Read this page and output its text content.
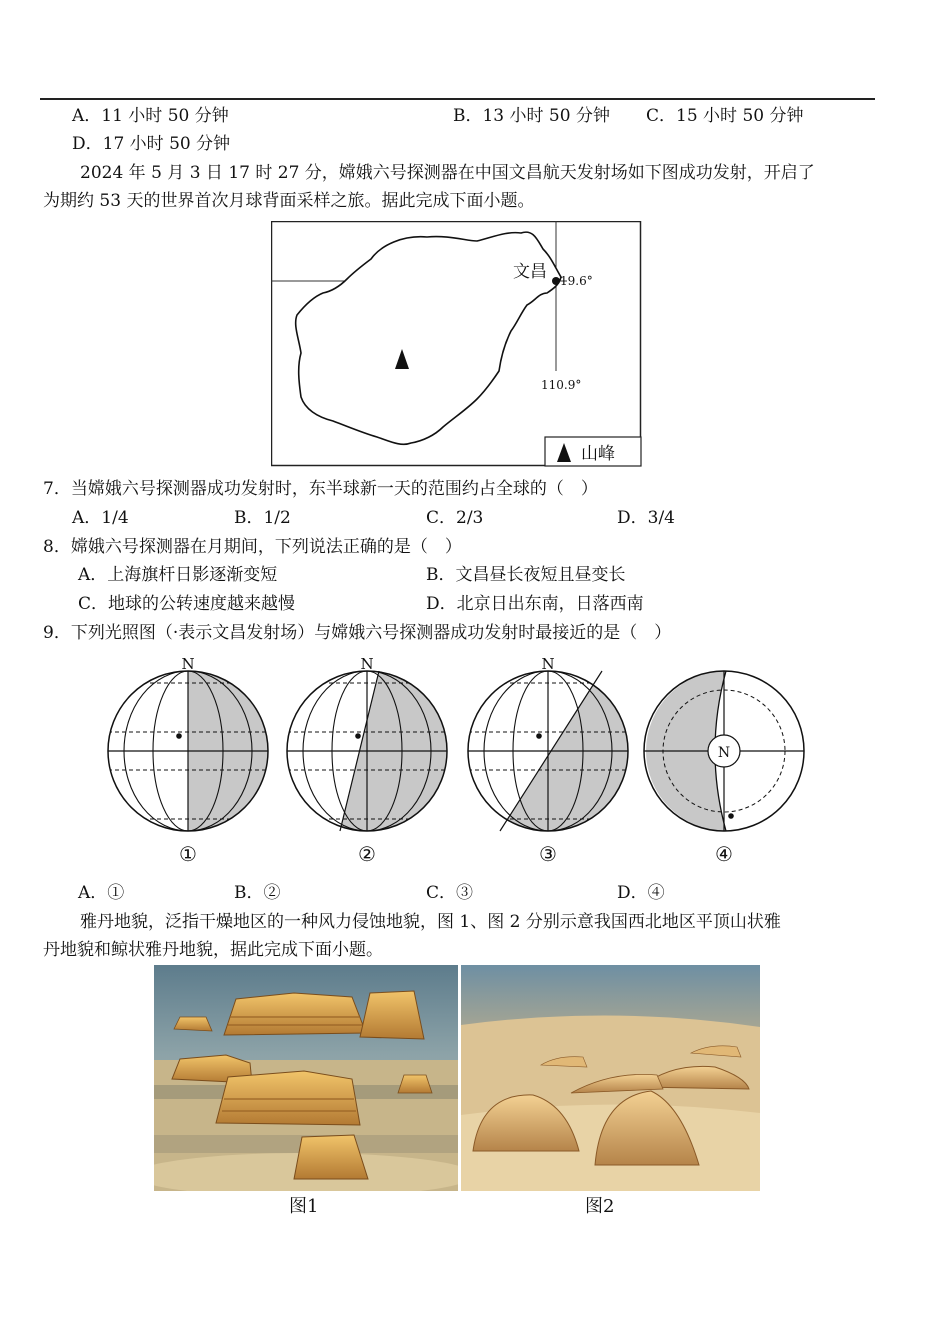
A．11 小时 50 分钟	B．13 小时 50 分钟 C．15 小时 50 分钟
D．17 小时 50 分钟
2024 年 5 月 3 日 17 时 27 分，嫦娥六号探测器在中国文昌航天发射场如下图成功发射，开启了
为期约 53 天的世界首次月球背面采样之旅。据此完成下面小题。
文昌 19.6°
110.9°
山峰
7．当嫦娥六号探测器成功发射时，东半球新一天的范围约占全球的（　）
A．1/4	B．1/2	C．2/3	D．3/4
8．嫦娥六号探测器在月期间，下列说法正确的是（　）
A．上海旗杆日影逐渐变短	B．文昌昼长夜短且昼变长
C．地球的公转速度越来越慢	D．北京日出东南，日落西南
9．下列光照图（·表示文昌发射场）与嫦娥六号探测器成功发射时最接近的是（　）
N
N	N	N
①	②	③	④
A．①	B．②	C．③	D．④
雅丹地貌，泛指干燥地区的一种风力侵蚀地貌，图 1、图 2 分别示意我国西北地区平顶山状雅
丹地貌和鲸状雅丹地貌，据此完成下面小题。
图1	图2
